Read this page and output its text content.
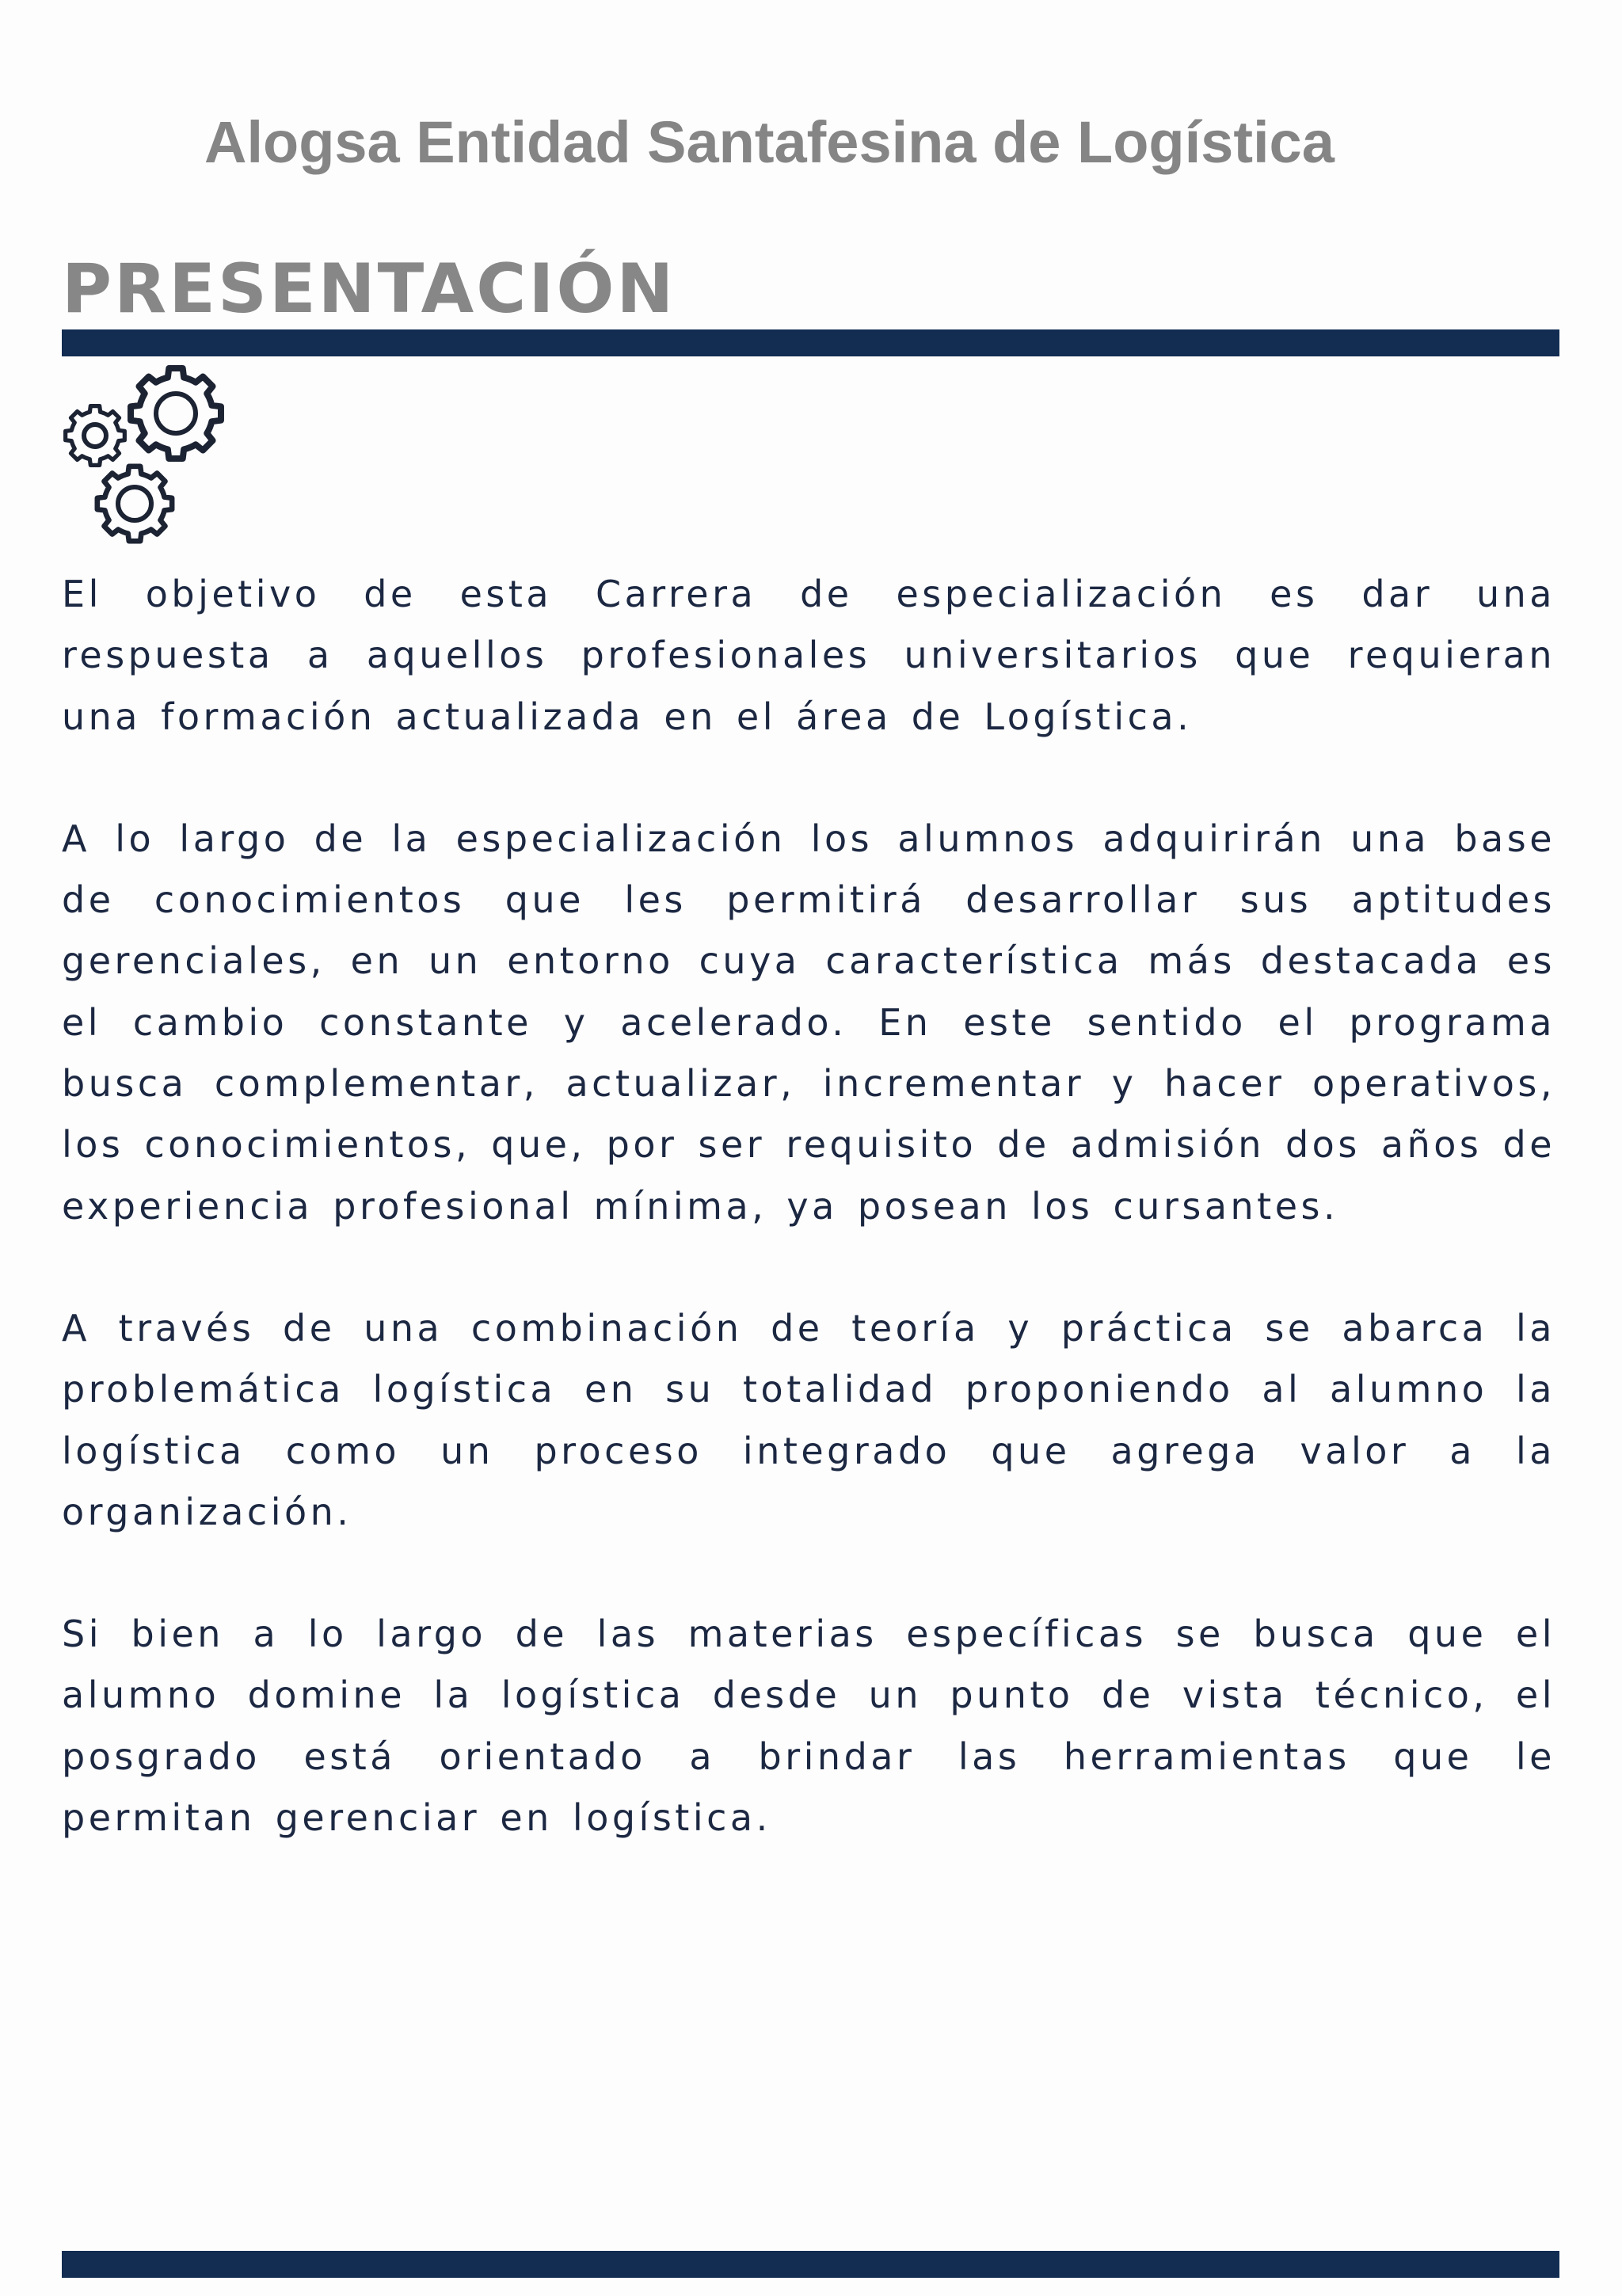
Alogsa Entidad Santafesina de Logística
PRESENTACIÓN

El objetivo de esta Carrera de especialización es dar una respuesta a aquellos profesionales universitarios que requieran una formación actualizada en el área de Logística.

A lo largo de la especialización los alumnos adquirirán una base de conocimientos que les permitirá desarrollar sus aptitudes gerenciales, en un entorno cuya característica más destacada es el cambio constante y acelerado. En este sentido el programa busca complementar, actualizar, incrementar y hacer operativos, los conocimientos, que, por ser requisito de admisión dos años de experiencia profesional mínima, ya posean los cursantes.

A través de una combinación de teoría y práctica se abarca la problemática logística en su totalidad proponiendo al alumno la logística como un proceso integrado que agrega valor a la organización.

Si bien a lo largo de las materias específicas se busca que el alumno domine la logística desde un punto de vista técnico, el posgrado está orientado a brindar las herramientas que le permitan gerenciar en logística.
